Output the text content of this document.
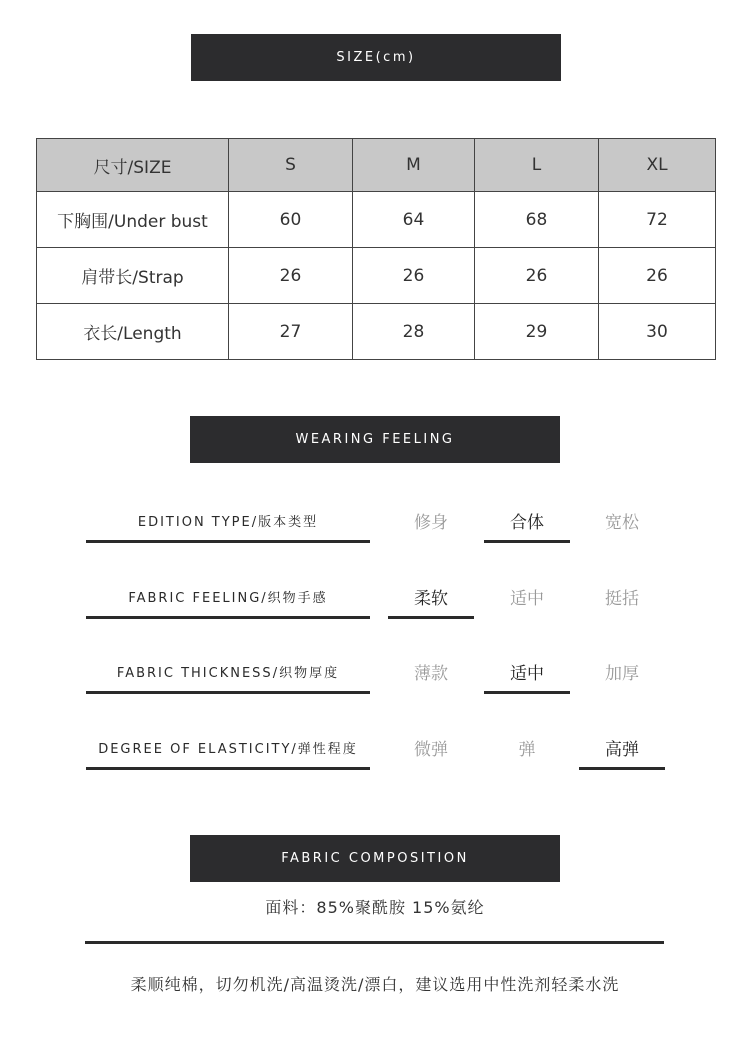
SIZE(cm)
尺寸/SIZE	S	M	L	XL
下胸围/Under bust	60	64	68	72
肩带长/Strap	26	26	26	26
衣长/Length	27	28	29	30
WEARING FEELING
EDITION TYPE/版本类型	修身	合体	宽松
FABRIC FEELING/织物手感	柔软	适中	挺括
FABRIC THICKNESS/织物厚度	薄款	适中	加厚
DEGREE OF ELASTICITY/弹性程度	微弹	弹	高弹
FABRIC COMPOSITION
面料：85%聚酰胺 15%氨纶
柔顺纯棉，切勿机洗/高温烫洗/漂白，建议选用中性洗剂轻柔水洗
